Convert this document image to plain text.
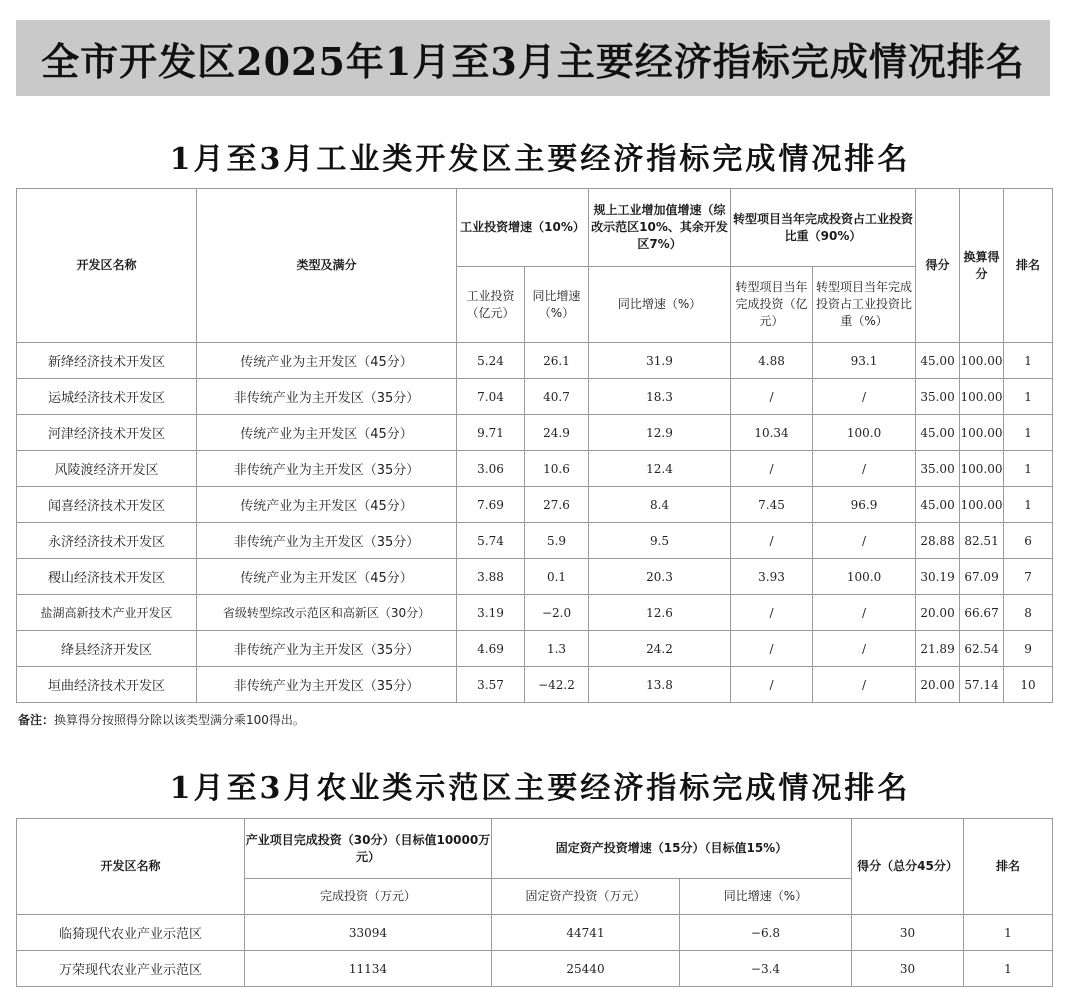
全市开发区2025年1月至3月主要经济指标完成情况排名
1月至3月工业类开发区主要经济指标完成情况排名
开发区名称	类型及满分	工业投资增速（10%）		规上工业增加值增速（综改示范区10%、其余开发区7%）	转型项目当年完成投资占工业投资比重（90%）		得分	换算得分	排名
		工业投资（亿元）	同比增速（%）	同比增速（%）	转型项目当年完成投资（亿元）	转型项目当年完成投资占工业投资比重（%）			
新绛经济技术开发区	传统产业为主开发区（45分）	5.24	26.1	31.9	4.88	93.1	45.00	100.00	1
运城经济技术开发区	非传统产业为主开发区（35分）	7.04	40.7	18.3	/	/	35.00	100.00	1
河津经济技术开发区	传统产业为主开发区（45分）	9.71	24.9	12.9	10.34	100.0	45.00	100.00	1
风陵渡经济开发区	非传统产业为主开发区（35分）	3.06	10.6	12.4	/	/	35.00	100.00	1
闻喜经济技术开发区	传统产业为主开发区（45分）	7.69	27.6	8.4	7.45	96.9	45.00	100.00	1
永济经济技术开发区	非传统产业为主开发区（35分）	5.74	5.9	9.5	/	/	28.88	82.51	6
稷山经济技术开发区	传统产业为主开发区（45分）	3.88	0.1	20.3	3.93	100.0	30.19	67.09	7
盐湖高新技术产业开发区	省级转型综改示范区和高新区（30分）	3.19	−2.0	12.6	/	/	20.00	66.67	8
绛县经济开发区	非传统产业为主开发区（35分）	4.69	1.3	24.2	/	/	21.89	62.54	9
垣曲经济技术开发区	非传统产业为主开发区（35分）	3.57	−42.2	13.8	/	/	20.00	57.14	10
备注：换算得分按照得分除以该类型满分乘100得出。
1月至3月农业类示范区主要经济指标完成情况排名
开发区名称	产业项目完成投资（30分）（目标值10000万元）	固定资产投资增速（15分）（目标值15%）		得分（总分45分）	排名
	完成投资（万元）	固定资产投资（万元）	同比增速（%）		
临猗现代农业产业示范区	33094	44741	−6.8	30	1
万荣现代农业产业示范区	11134	25440	−3.4	30	1
